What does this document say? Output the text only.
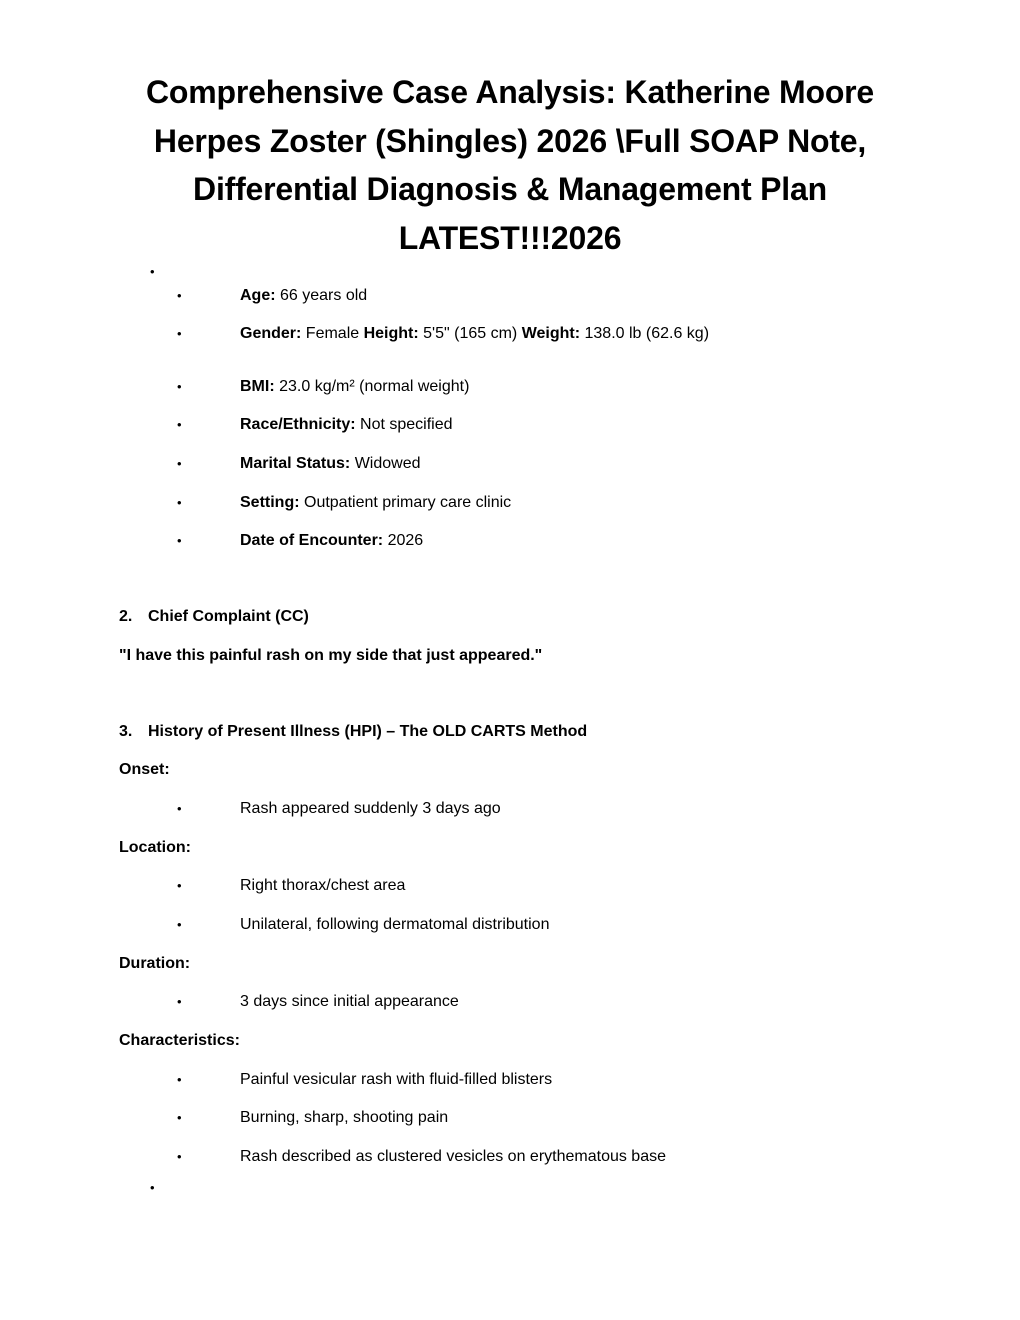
Comprehensive Case Analysis: Katherine Moore
Herpes Zoster (Shingles) 2026 \Full SOAP Note,
Differential Diagnosis & Management Plan
LATEST!!!2026
•
•	Age: 66 years old
•	Gender: Female Height: 5'5" (165 cm) Weight: 138.0 lb (62.6 kg)
•	BMI: 23.0 kg/m² (normal weight)
•	Race/Ethnicity: Not specified
•	Marital Status: Widowed
•	Setting: Outpatient primary care clinic
•	Date of Encounter: 2026
2. Chief Complaint (CC)
"I have this painful rash on my side that just appeared."
3. History of Present Illness (HPI) – The OLD CARTS Method
Onset:
•	Rash appeared suddenly 3 days ago
Location:
•	Right thorax/chest area
•	Unilateral, following dermatomal distribution
Duration:
•	3 days since initial appearance
Characteristics:
•	Painful vesicular rash with fluid-filled blisters
•	Burning, sharp, shooting pain
•	Rash described as clustered vesicles on erythematous base
•
